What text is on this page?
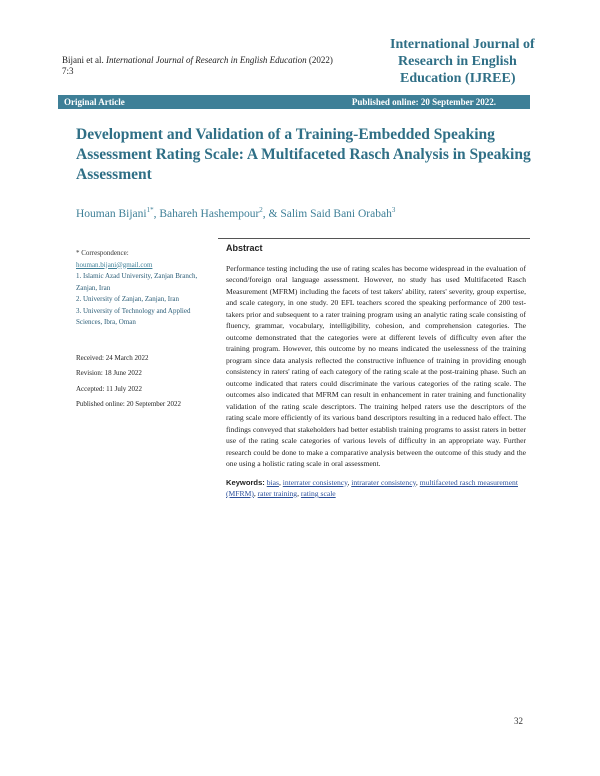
Bijani et al. International Journal of Research in English Education (2022)
7:3
International Journal of
Research in English
Education (IJREE)
Original Article	Published online: 20 September 2022.
Development and Validation of a Training-Embedded Speaking Assessment Rating Scale: A Multifaceted Rasch Analysis in Speaking Assessment
Houman Bijani$^{1*}$, Bahareh Hashempour$^2$, & Salim Said Bani Orabah$^3$
* Correspondence:
houman.bijani@gmail.com
1. Islamic Azad University, Zanjan Branch, Zanjan, Iran
2. University of Zanjan, Zanjan, Iran
3. University of Technology and Applied Sciences, Ibra, Oman
Received: 24 March 2022
Revision: 18 June 2022
Accepted: 11 July 2022
Published online: 20 September 2022
Abstract
Performance testing including the use of rating scales has become widespread in the evaluation of second/foreign oral language assessment. However, no study has used Multifaceted Rasch Measurement (MFRM) including the facets of test takers' ability, raters' severity, group expertise, and scale category, in one study. 20 EFL teachers scored the speaking performance of 200 test-takers prior and subsequent to a rater training program using an analytic rating scale consisting of fluency, grammar, vocabulary, intelligibility, cohesion, and comprehension categories. The outcome demonstrated that the categories were at different levels of difficulty even after the training program. However, this outcome by no means indicated the uselessness of the training program since data analysis reflected the constructive influence of training in providing enough consistency in raters' rating of each category of the rating scale at the post-training phase. Such an outcome indicated that raters could discriminate the various categories of the rating scale. The outcomes also indicated that MFRM can result in enhancement in rater training and functionality validation of the rating scale descriptors. The training helped raters use the descriptors of the rating scale more efficiently of its various band descriptors resulting in a reduced halo effect. The findings conveyed that stakeholders had better establish training programs to assist raters in better use of the rating scale categories of various levels of difficulty in an appropriate way. Further research could be done to make a comparative analysis between the outcome of this study and the one using a holistic rating scale in oral assessment.
Keywords: bias, interrater consistency, intrarater consistency, multifaceted rasch measurement (MFRM), rater training, rating scale
32
